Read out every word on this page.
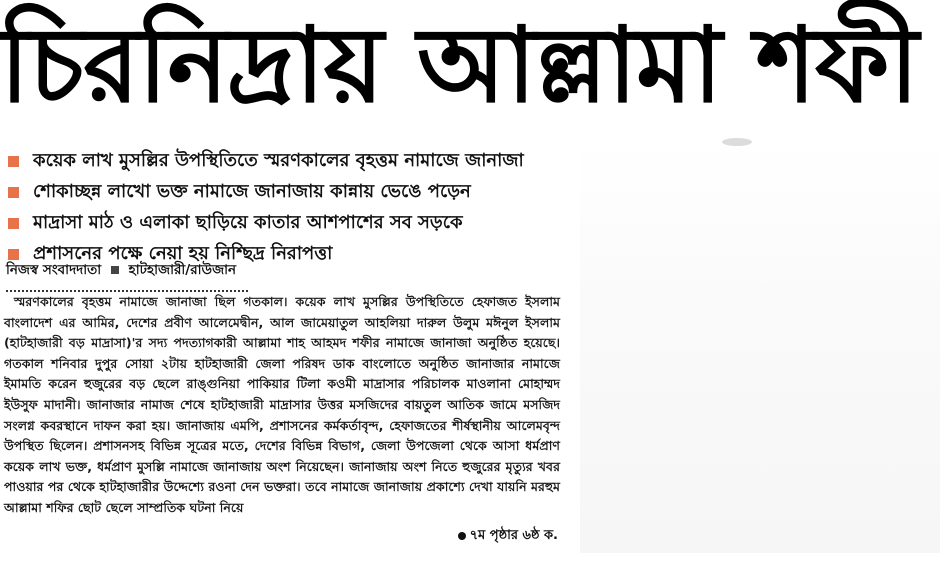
চিরনিদ্রায় আল্লামা শফী
কয়েক লাখ মুসল্লির উপস্থিতিতে স্মরণকালের বৃহত্তম নামাজে জানাজা
শোকাচ্ছন্ন লাখো ভক্ত নামাজে জানাজায় কান্নায় ভেঙে পড়েন
মাদ্রাসা মাঠ ও এলাকা ছাড়িয়ে কাতার আশপাশের সব সড়কে
প্রশাসনের পক্ষে নেয়া হয় নিশ্ছিদ্র নিরাপত্তা
নিজস্ব সংবাদদাতা হাটহাজারী/রাউজান
স্মরণকালের বৃহত্তম নামাজে জানাজা ছিল গতকাল। কয়েক লাখ মুসল্লির উপস্থিতিতে হেফাজত ইসলাম বাংলাদেশ এর আমির, দেশের প্রবীণ আলেমেদ্বীন, আল জামেয়াতুল আহলিয়া দারুল উলুম মঈনুল ইসলাম (হাটহাজারী বড় মাদ্রাসা)'র সদ্য পদত্যাগকারী আল্লামা শাহ আহমদ শফীর নামাজে জানাজা অনুষ্ঠিত হয়েছে। গতকাল শনিবার দুপুর সোয়া ২টায় হাটহাজারী জেলা পরিষদ ডাক বাংলোতে অনুষ্ঠিত জানাজার নামাজে ইমামতি করেন হুজুরের বড় ছেলে রাঙ্গুনিয়া পাকিয়ার টিলা কওমী মাদ্রাসার পরিচালক মাওলানা মোহাম্মদ ইউসুফ মাদানী। জানাজার নামাজ শেষে হাটহাজারী মাদ্রাসার উত্তর মসজিদের বায়তুল আতিক জামে মসজিদ সংলগ্ন কবরস্থানে দাফন করা হয়। জানাজায় এমপি, প্রশাসনের কর্মকর্তাবৃন্দ, হেফাজতের শীর্ষস্থানীয় আলেমবৃন্দ উপস্থিত ছিলেন। প্রশাসনসহ বিভিন্ন সূত্রের মতে, দেশের বিভিন্ন বিভাগ, জেলা উপজেলা থেকে আসা ধর্মপ্রাণ কয়েক লাখ ভক্ত, ধর্মপ্রাণ মুসল্লি নামাজে জানাজায় অংশ নিয়েছেন। জানাজায় অংশ নিতে হুজুরের মৃত্যুর খবর পাওয়ার পর থেকে হাটহাজারীর উদ্দেশ্যে রওনা দেন ভক্তরা। তবে নামাজে জানাজায় প্রকাশ্যে দেখা যায়নি মরহুম আল্লামা শফির ছোট ছেলে সাম্প্রতিক ঘটনা নিয়ে
৭ম পৃষ্ঠার ৬ষ্ঠ ক.
